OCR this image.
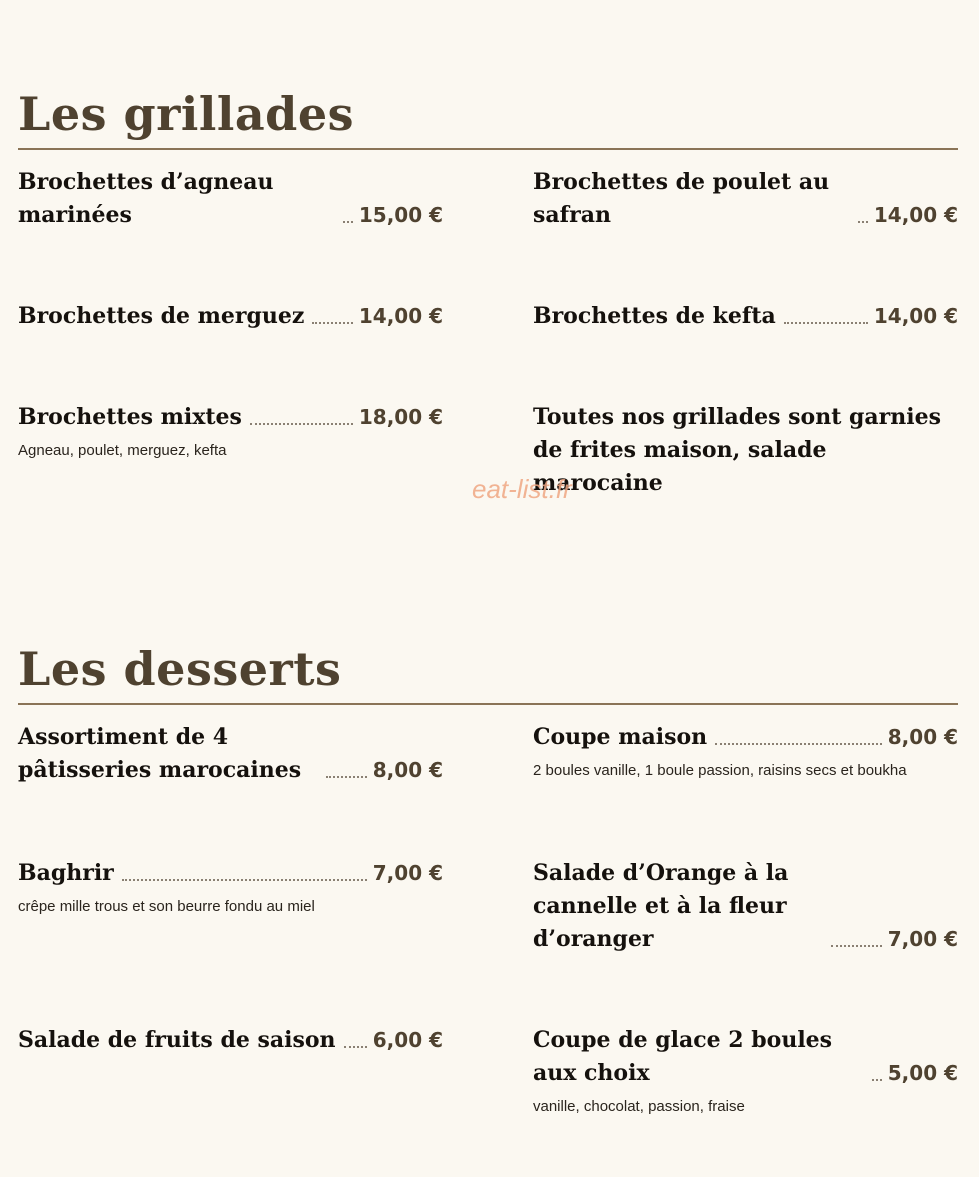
Les grillades
Brochettes d’agneau marinées	15,00 €
Brochettes de poulet au safran	14,00 €
Brochettes de merguez	14,00 €	Brochettes de kefta	14,00 €
Brochettes mixtes	18,00 €
Agneau, poulet, merguez, kefta
Toutes nos grillades sont garnies de frites maison, salade marocaine
eat-list.fr
Les desserts
Assortiment de 4 pâtisseries marocaines	8,00 €
Coupe maison	8,00 €
2 boules vanille, 1 boule passion, raisins secs et boukha
Baghrir	7,00 €
crêpe mille trous et son beurre fondu au miel
Salade d’Orange à la cannelle et à la fleur d’oranger	7,00 €
Salade de fruits de saison 6,00 €	Coupe de glace 2 boules aux choix	5,00 €
vanille, chocolat, passion, fraise
